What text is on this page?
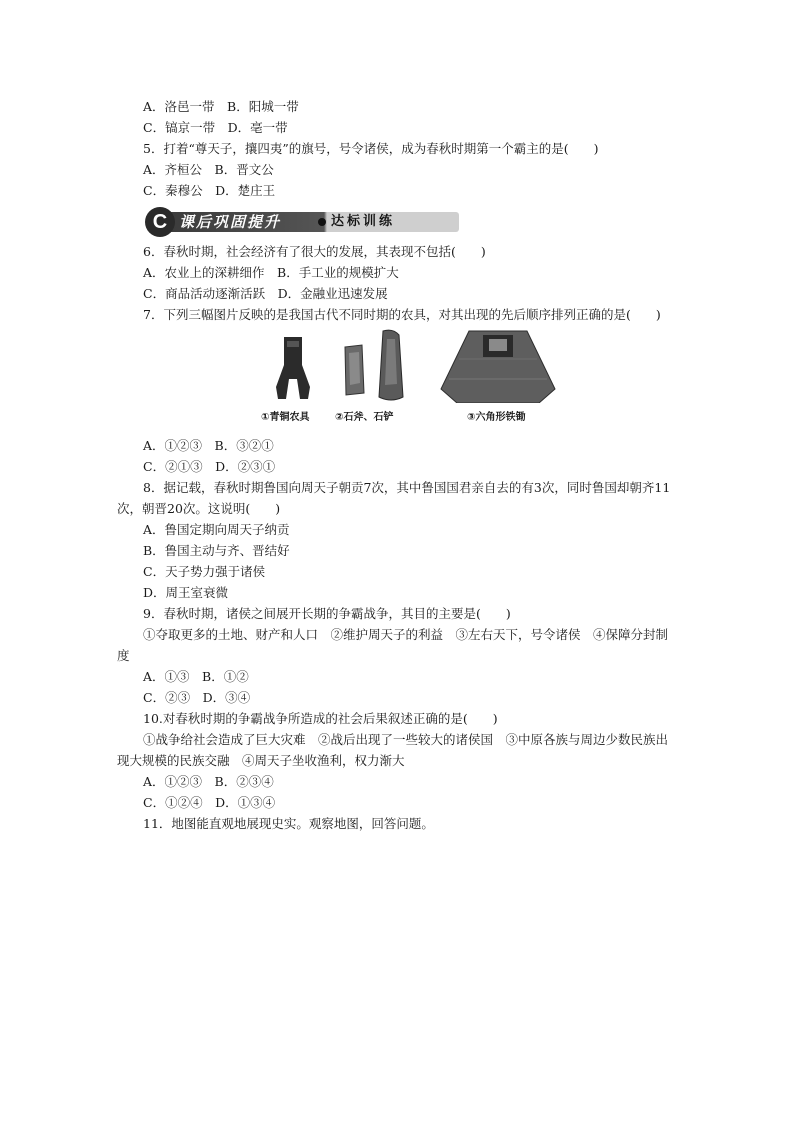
A．洛邑一带　B．阳城一带
C．镐京一带　D．亳一带
5．打着“尊天子，攘四夷”的旗号，号令诸侯，成为春秋时期第一个霸主的是(　　)
A．齐桓公　B．晋文公
C．秦穆公　D．楚庄王
C 课后巩固提升	达标训练
6．春秋时期，社会经济有了很大的发展，其表现不包括(　　)
A．农业上的深耕细作　B．手工业的规模扩大
C．商品活动逐渐活跃　D．金融业迅速发展
7．下列三幅图片反映的是我国古代不同时期的农具，对其出现的先后顺序排列正确的是(　　)
①青铜农具	②石斧、石铲	③六角形铁锄
A．①②③　B．③②①
C．②①③　D．②③①
8．据记载，春秋时期鲁国向周天子朝贡7次，其中鲁国国君亲自去的有3次，同时鲁国却朝齐11次，朝晋20次。这说明(　　)
A．鲁国定期向周天子纳贡
B．鲁国主动与齐、晋结好
C．天子势力强于诸侯
D．周王室衰微
9．春秋时期，诸侯之间展开长期的争霸战争，其目的主要是(　　)
①夺取更多的土地、财产和人口　②维护周天子的利益　③左右天下，号令诸侯　④保障分封制度
A．①③　B．①②
C．②③　D．③④
10.对春秋时期的争霸战争所造成的社会后果叙述正确的是(　　)
①战争给社会造成了巨大灾难　②战后出现了一些较大的诸侯国　③中原各族与周边少数民族出现大规模的民族交融　④周天子坐收渔利，权力渐大
A．①②③　B．②③④
C．①②④　D．①③④
11．地图能直观地展现史实。观察地图，回答问题。
